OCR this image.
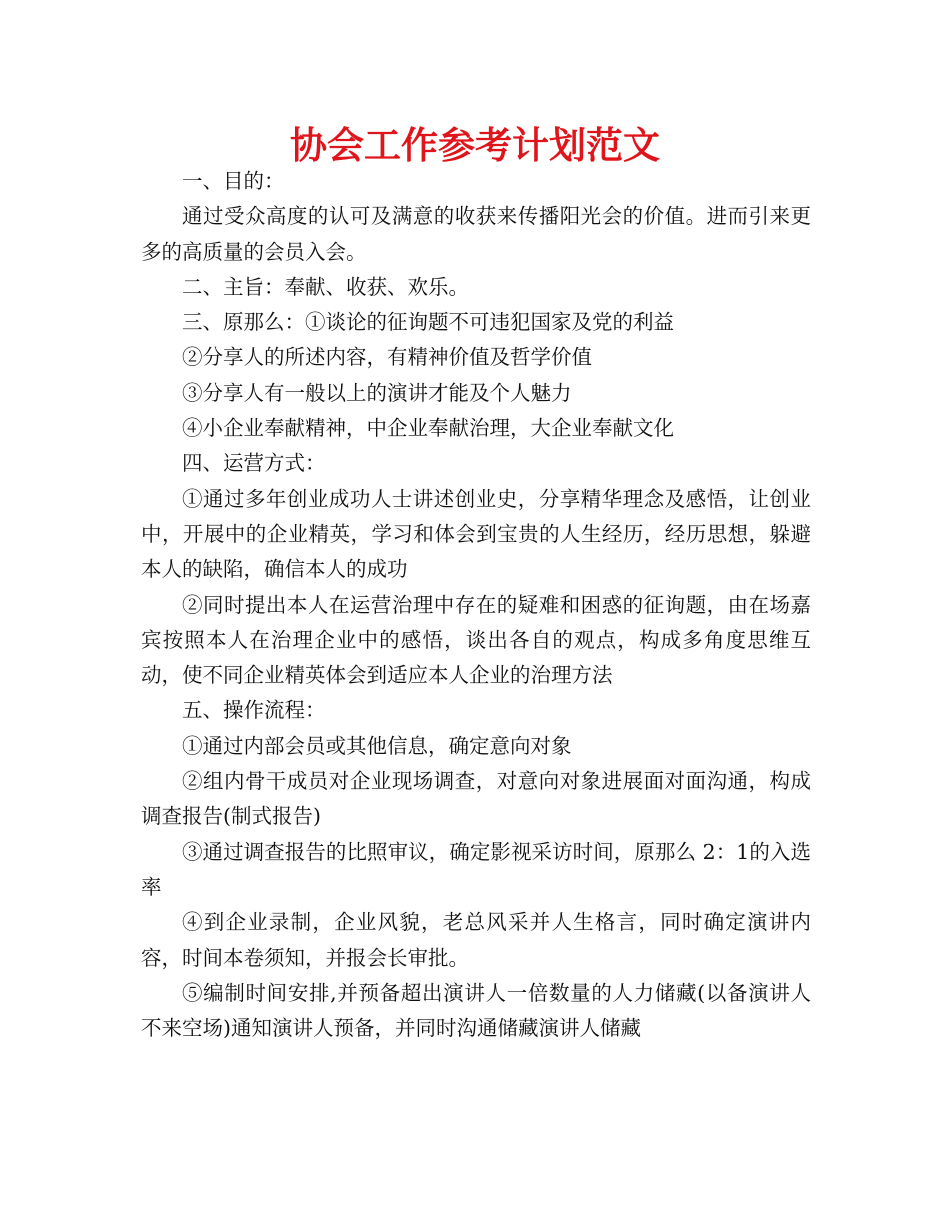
协会工作参考计划范文

一、目的：

通过受众高度的认可及满意的收获来传播阳光会的价值。进而引来更多的高质量的会员入会。

二、主旨：奉献、收获、欢乐。

三、原那么：①谈论的征询题不可违犯国家及党的利益

②分享人的所述内容，有精神价值及哲学价值

③分享人有一般以上的演讲才能及个人魅力

④小企业奉献精神，中企业奉献治理，大企业奉献文化

四、运营方式：

①通过多年创业成功人士讲述创业史，分享精华理念及感悟，让创业中，开展中的企业精英，学习和体会到宝贵的人生经历，经历思想，躲避本人的缺陷，确信本人的成功

②同时提出本人在运营治理中存在的疑难和困惑的征询题，由在场嘉宾按照本人在治理企业中的感悟，谈出各自的观点，构成多角度思维互动，使不同企业精英体会到适应本人企业的治理方法

五、操作流程：

①通过内部会员或其他信息，确定意向对象

②组内骨干成员对企业现场调查，对意向对象进展面对面沟通，构成调查报告(制式报告)

③通过调查报告的比照审议，确定影视采访时间，原那么 2：1的入选率

④到企业录制，企业风貌，老总风采并人生格言，同时确定演讲内容，时间本卷须知，并报会长审批。

⑤编制时间安排,并预备超出演讲人一倍数量的人力储藏(以备演讲人不来空场)通知演讲人预备，并同时沟通储藏演讲人储藏
